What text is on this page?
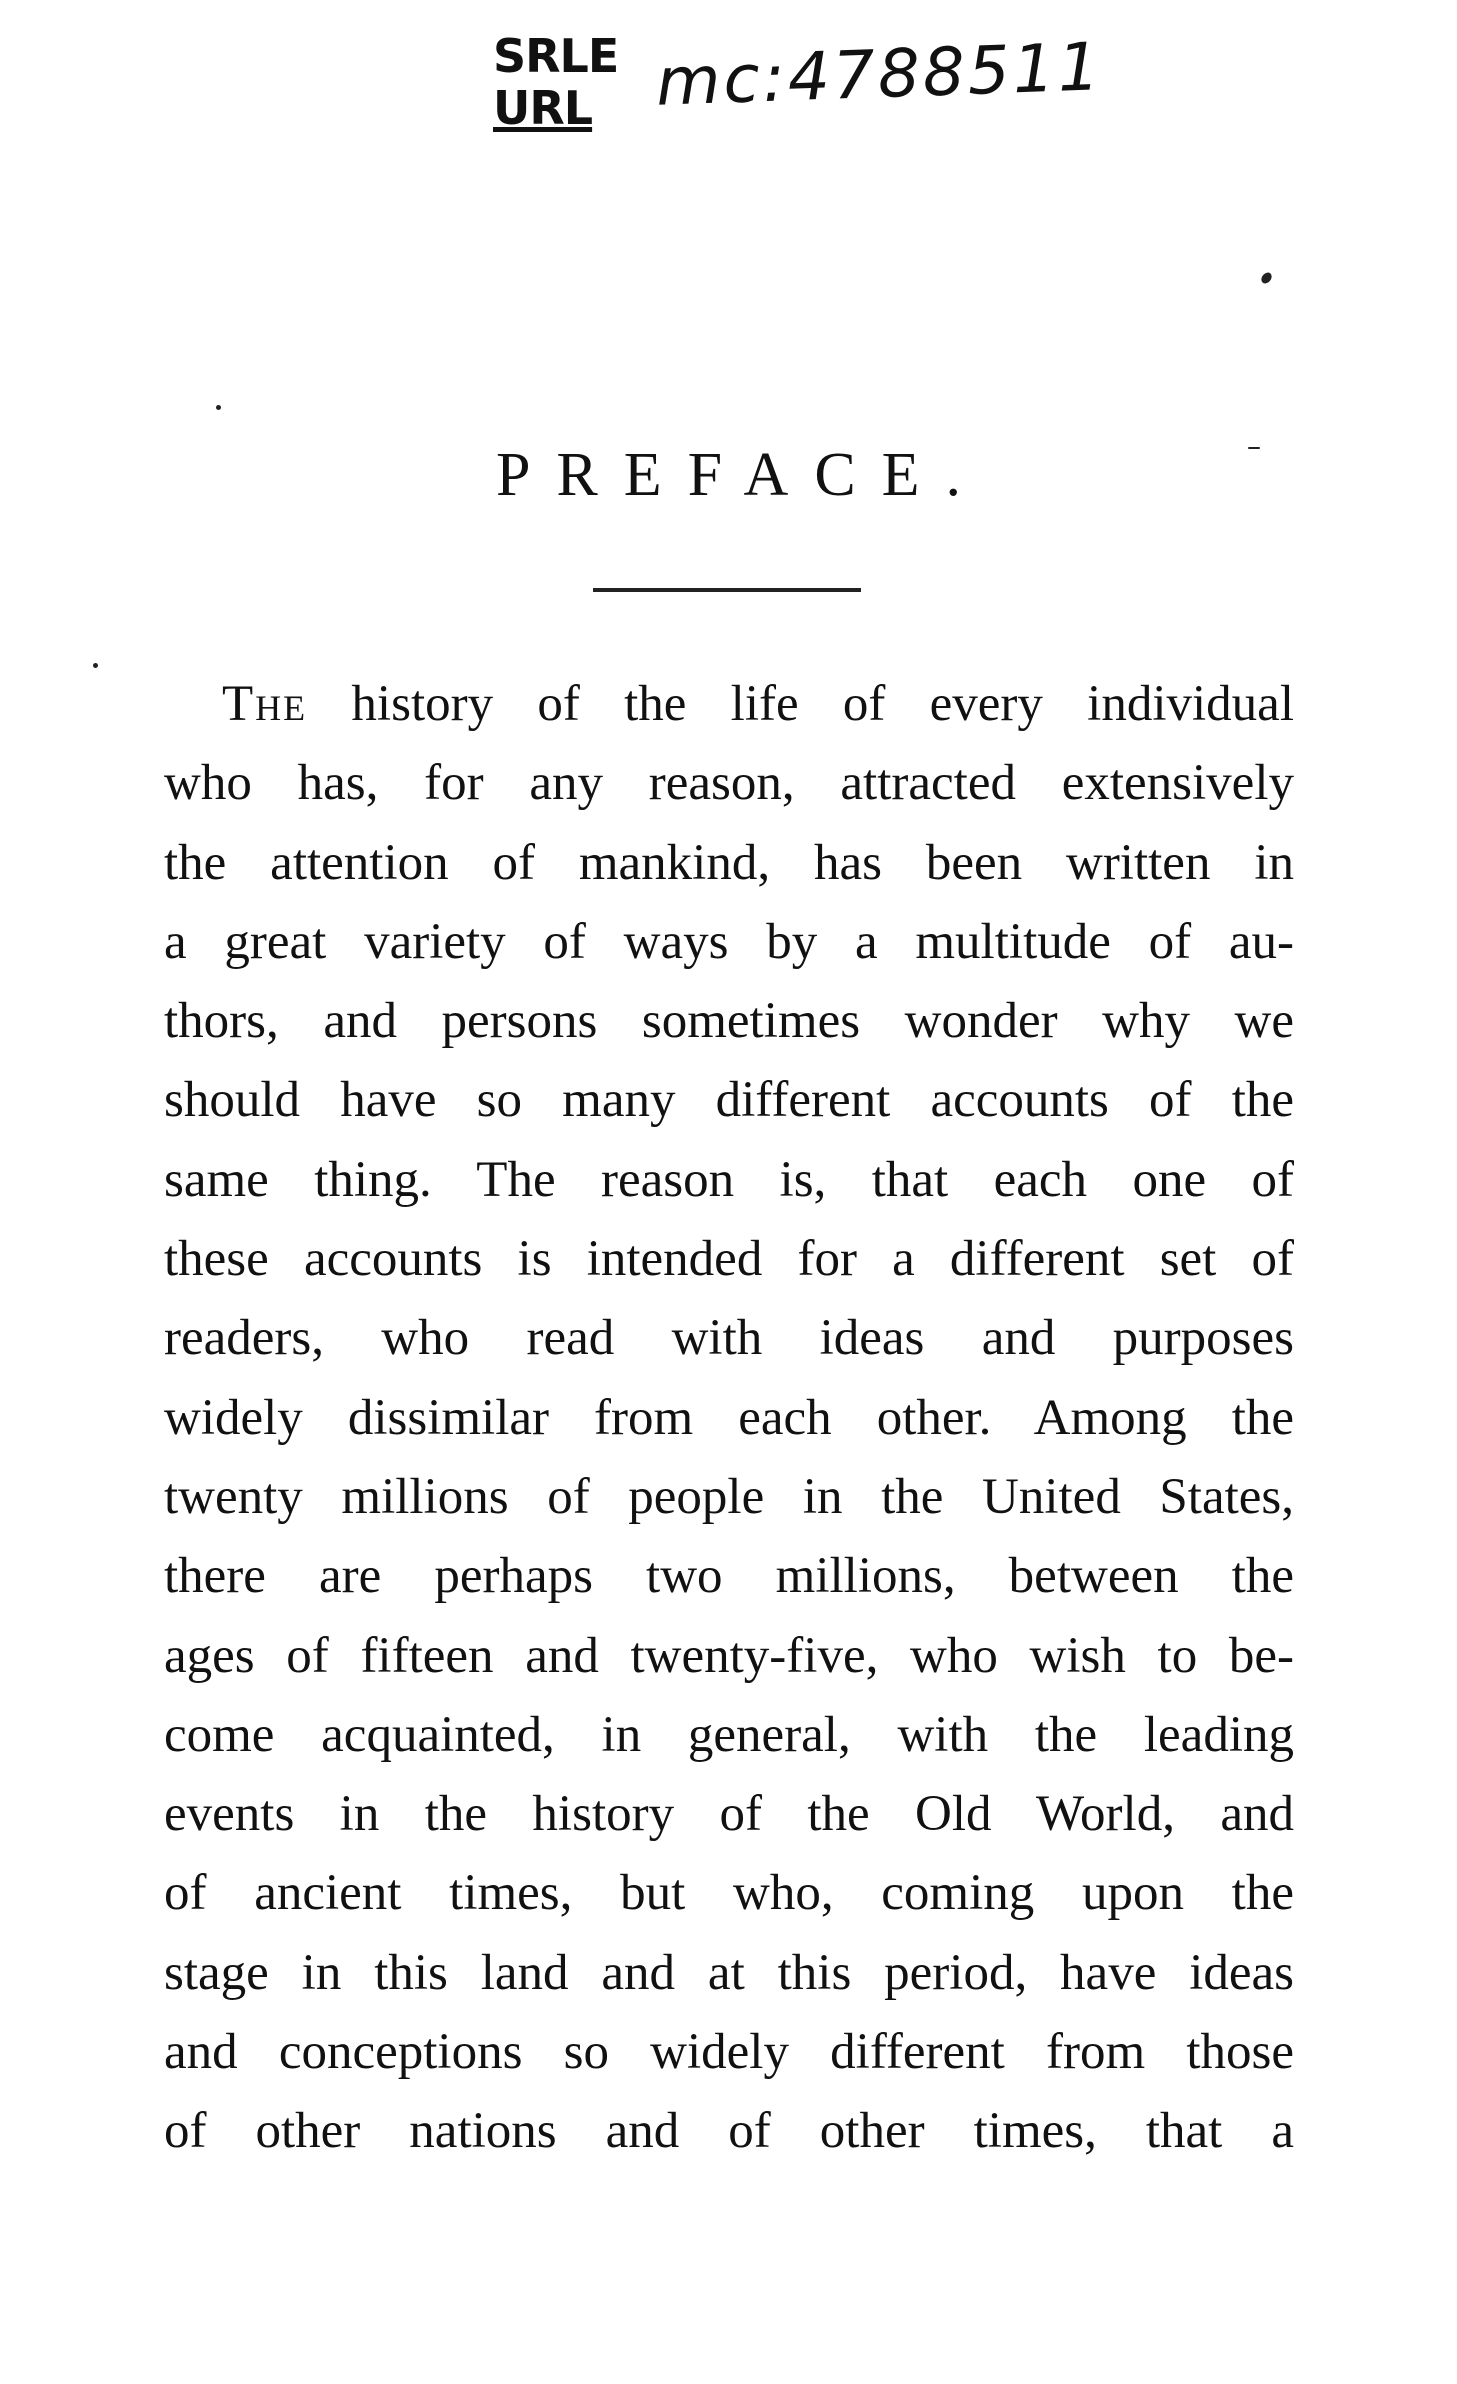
SRLE
URL mc:4788511
PREFACE.
The history of the life of every individual
who has, for any reason, attracted extensively
the attention of mankind, has been written in
a great variety of ways by a multitude of au-
thors, and persons sometimes wonder why we
should have so many different accounts of the
same thing. The reason is, that each one of
these accounts is intended for a different set of
readers, who read with ideas and purposes
widely dissimilar from each other. Among the
twenty millions of people in the United States,
there are perhaps two millions, between the
ages of fifteen and twenty-five, who wish to be-
come acquainted, in general, with the leading
events in the history of the Old World, and
of ancient times, but who, coming upon the
stage in this land and at this period, have ideas
and conceptions so widely different from those
of other nations and of other times, that a
